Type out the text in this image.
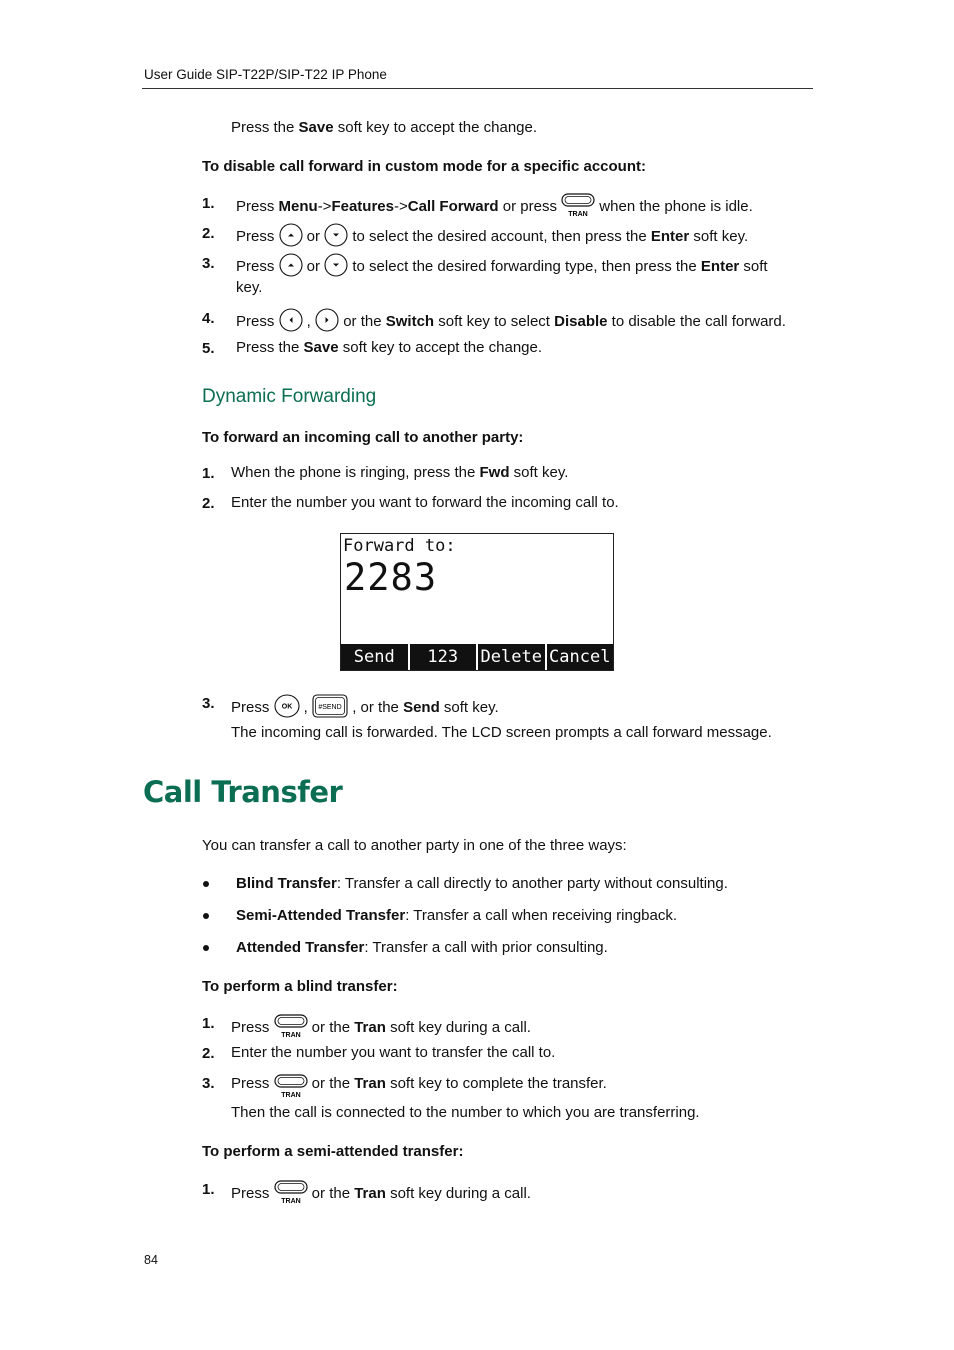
User Guide SIP-T22P/SIP-T22 IP Phone
Press the Save soft key to accept the change.
To disable call forward in custom mode for a specific account:
1. Press Menu->Features->Call Forward or press TRAN when the phone is idle.
2. Press  or  to select the desired account, then press the Enter soft key.
3. Press  or  to select the desired forwarding type, then press the Enter soft
key.
4. Press  ,  or the Switch soft key to select Disable to disable the call forward.
5. Press the Save soft key to accept the change.
Dynamic Forwarding
To forward an incoming call to another party:
1. When the phone is ringing, press the Fwd soft key.
2. Enter the number you want to forward the incoming call to.
Forward to:
2283
Send	123	Delete Cancel
3. Press OK , #SEND , or the Send soft key.
The incoming call is forwarded. The LCD screen prompts a call forward message.
Call Transfer
You can transfer a call to another party in one of the three ways:
Blind Transfer: Transfer a call directly to another party without consulting.
Semi-Attended Transfer: Transfer a call when receiving ringback.
Attended Transfer: Transfer a call with prior consulting.
To perform a blind transfer:
1. Press TRAN or the Tran soft key during a call.
2. Enter the number you want to transfer the call to.
3. Press
TRAN
or the Tran soft key to complete the transfer.
Then the call is connected to the number to which you are transferring.
To perform a semi-attended transfer:
1. Press TRAN or the Tran soft key during a call.
84
